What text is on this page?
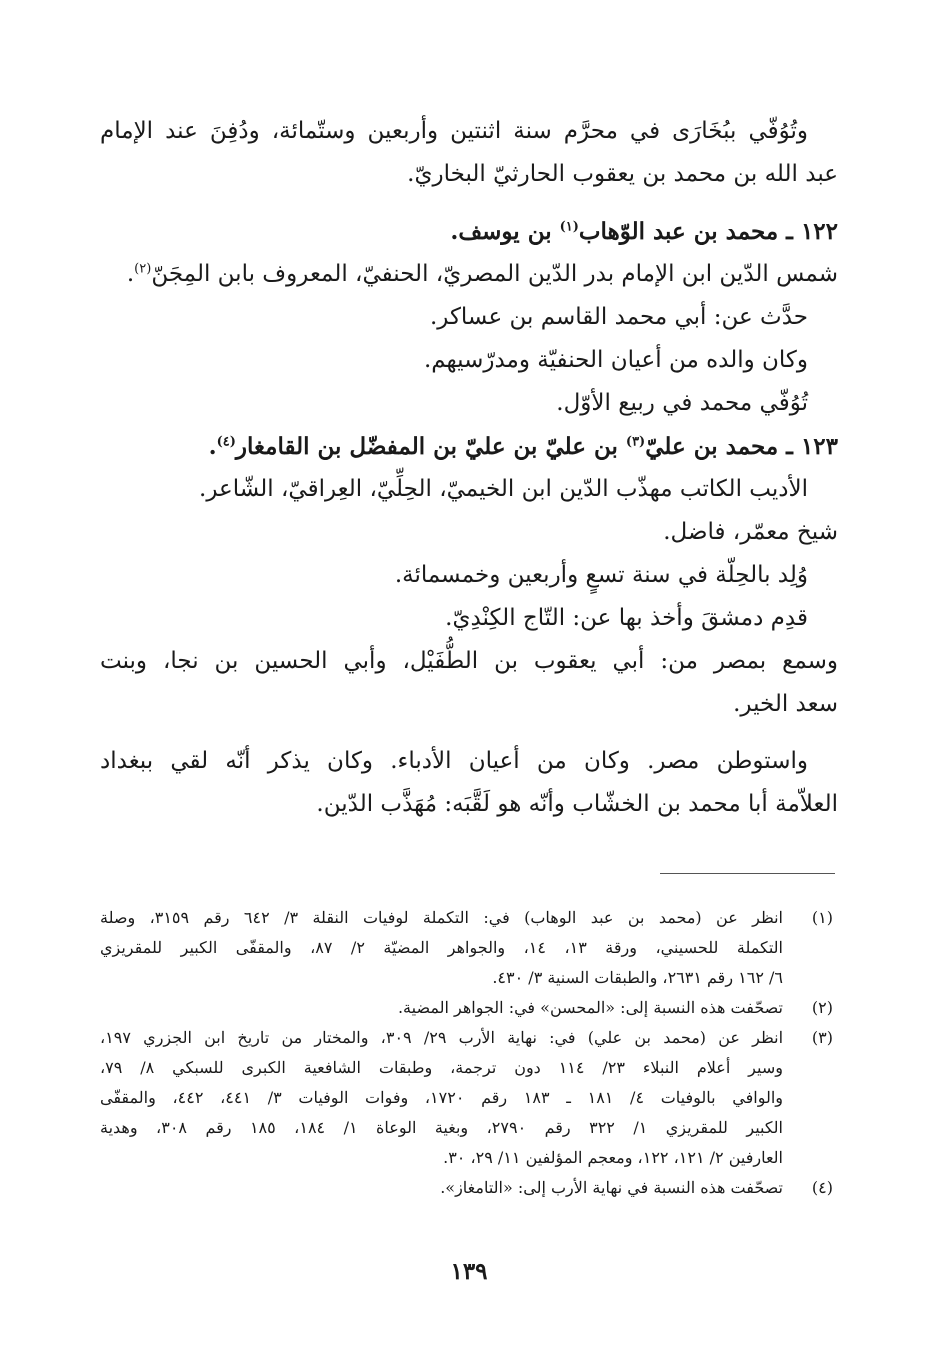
وتُوُفّي ببُخَارَى في محرَّم سنة اثنتين وأربعين وستّمائة، ودُفِنَ عند الإمام
عبد الله بن محمد بن يعقوب الحارثيّ البخاريّ.
١٢٢ ـ محمد بن عبد الوّهاب$^{(١)}$ بن يوسف.
شمس الدّين ابن الإمام بدر الدّين المصريّ، الحنفيّ، المعروف بابن المِجَنّ$^{(٢)}$.
حدَّث عن: أبي محمد القاسم بن عساكر.
وكان والده من أعيان الحنفيّة ومدرّسيهم.
تُوُفّي محمد في ربيع الأوّل.
١٢٣ ـ محمد بن عليّ$^{(٣)}$ بن عليّ بن عليّ بن المفضّل بن القامغار$^{(٤)}$.
الأديب الكاتب مهذّب الدّين ابن الخيميّ، الحِلِّيّ، العِراقيّ، الشّاعر.
شيخ معمّر، فاضل.
وُلِد بالحِلّة في سنة تسعٍ وأربعين وخمسمائة.
قدِم دمشقَ وأخذ بها عن: التّاج الكِنْدِيّ.
وسمع بمصر من: أبي يعقوب بن الطُّفَيْل، وأبي الحسين بن نجا، وبنت
سعد الخير.
واستوطن مصر. وكان من أعيان الأدباء. وكان يذكر أنّه لقي ببغداد
العلاّمة أبا محمد بن الخشّاب وأنّه هو لَقَّبَه: مُهَذَّب الدّين.
(١)
انظر عن (محمد بن عبد الوهاب) في: التكملة لوفيات النقلة ٣/ ٦٤٢ رقم ٣١٥٩، وصلة
التكملة للحسيني، ورقة ١٣، ١٤، والجواهر المضيّة ٢/ ٨٧، والمقفّى الكبير للمقريزي
٦/ ١٦٢ رقم ٢٦٣١، والطبقات السنية ٣/ ٤٣٠.
(٢)
تصحّفت هذه النسبة إلى: «المحسن» في: الجواهر المضية.
(٣)
انظر عن (محمد بن علي) في: نهاية الأرب ٢٩/ ٣٠٩، والمختار من تاريخ ابن الجزري ١٩٧،
وسير أعلام النبلاء ٢٣/ ١١٤ دون ترجمة، وطبقات الشافعية الكبرى للسبكي ٨/ ٧٩،
والوافي بالوفيات ٤/ ١٨١ ـ ١٨٣ رقم ١٧٢٠، وفوات الوفيات ٣/ ٤٤١، ٤٤٢، والمقفّى
الكبير للمقريزي ١/ ٣٢٢ رقم ٢٧٩٠، وبغية الوعاة ١/ ١٨٤، ١٨٥ رقم ٣٠٨، وهدية
العارفين ٢/ ١٢١، ١٢٢، ومعجم المؤلفين ١١/ ٢٩، ٣٠.
(٤)
تصحّفت هذه النسبة في نهاية الأرب إلى: «التامغاز».
١٣٩
